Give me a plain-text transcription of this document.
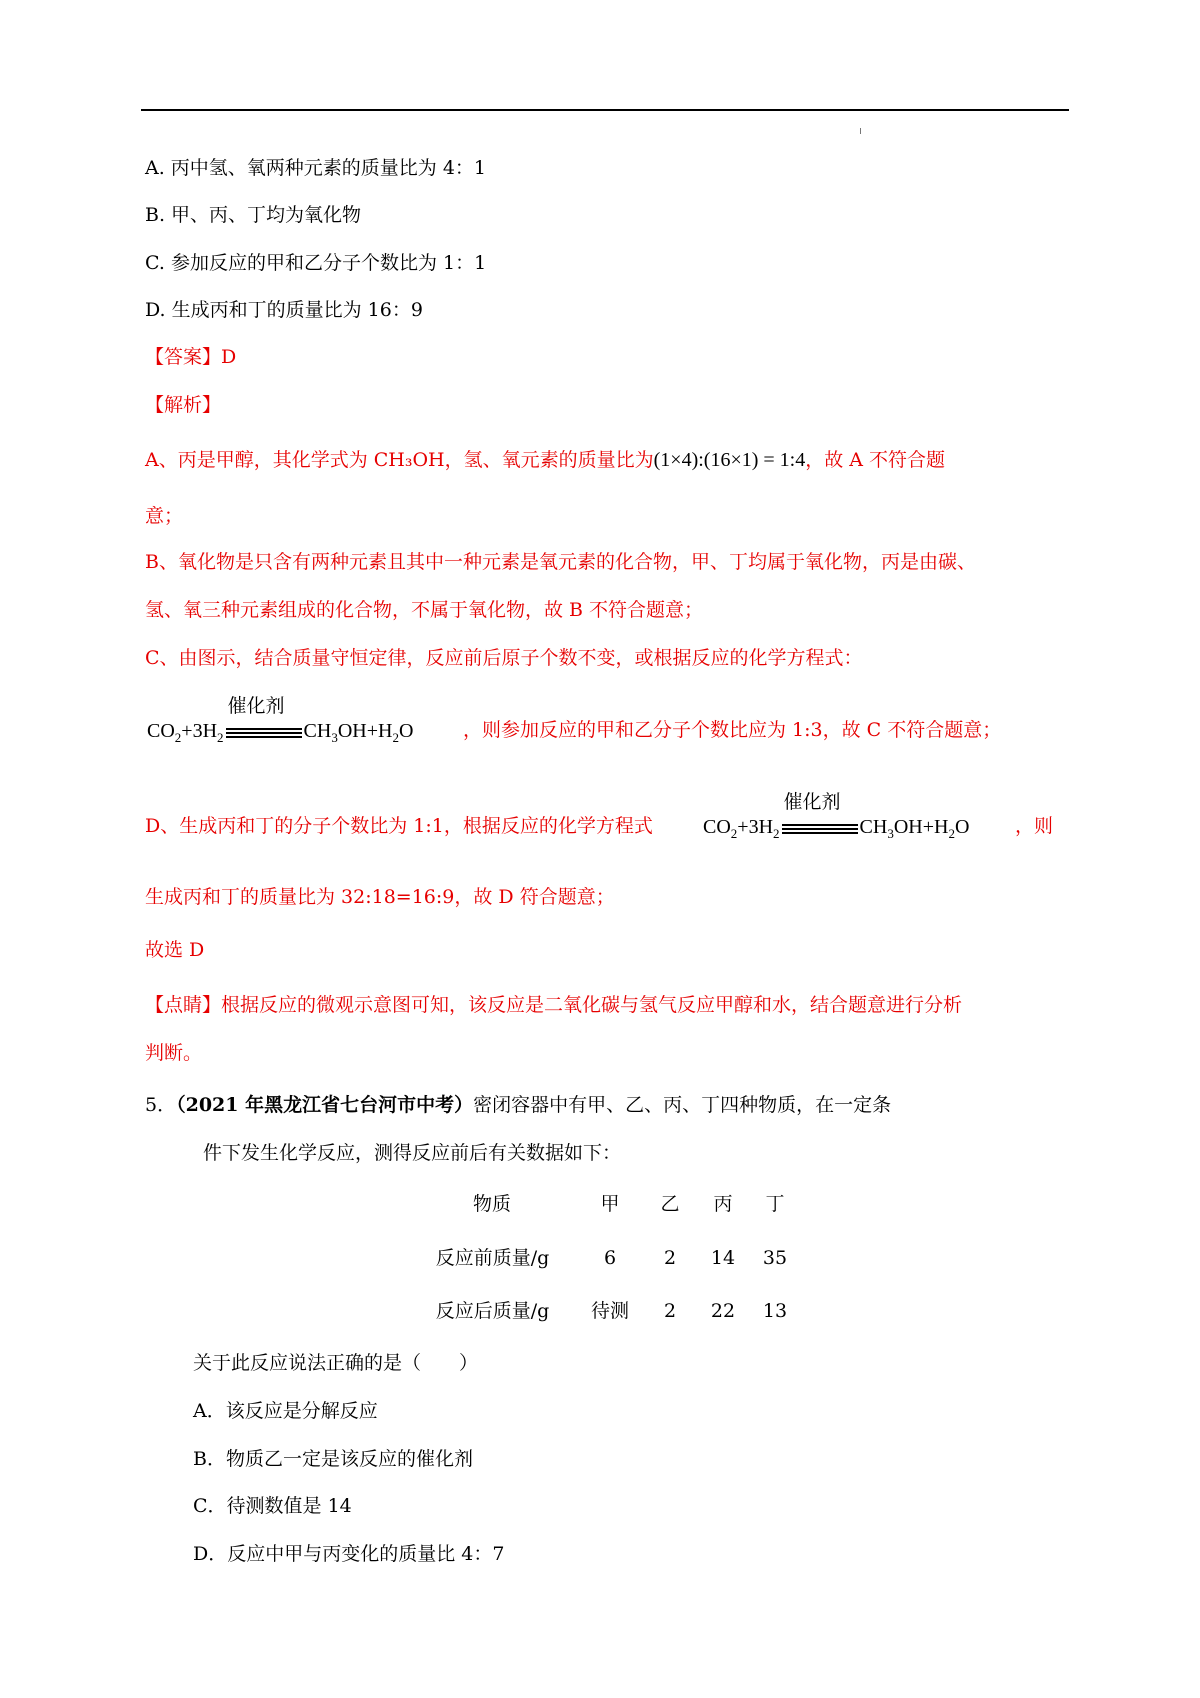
A. 丙中氢、氧两种元素的质量比为 4：1
B. 甲、丙、丁均为氧化物
C. 参加反应的甲和乙分子个数比为 1：1
D. 生成丙和丁的质量比为 16：9
【答案】D
【解析】
A、丙是甲醇，其化学式为 CH₃OH，氢、氧元素的质量比为(1×4):(16×1) = 1:4，故 A 不符合题
意；
B、氧化物是只含有两种元素且其中一种元素是氧元素的化合物，甲、丁均属于氧化物，丙是由碳、
氢、氧三种元素组成的化合物，不属于氧化物，故 B 不符合题意；
C、由图示，结合质量守恒定律，反应前后原子个数不变，或根据反应的化学方程式：
$CO_2+3H_2$
催化剂
$CH_3OH+H_2O$	，则参加反应的甲和乙分子个数比应为 1:3，故 C 不符合题意；
D、生成丙和丁的分子个数比为 1:1，根据反应的化学方程式	$CO_2+3H_2$
催化剂
$CH_3OH+H_2O$ ，则
生成丙和丁的质量比为 32:18=16:9，故 D 符合题意；
故选 D
【点睛】根据反应的微观示意图可知，该反应是二氧化碳与氢气反应甲醇和水，结合题意进行分析
判断。
5．（2021 年黑龙江省七台河市中考）密闭容器中有甲、乙、丙、丁四种物质，在一定条
件下发生化学反应，测得反应前后有关数据如下：
物质	甲	乙	丙	丁
反应前质量/g	6	2	14	35
反应后质量/g	待测	2	22	13
关于此反应说法正确的是（　　）
A．该反应是分解反应
B．物质乙一定是该反应的催化剂
C．待测数值是 14
D．反应中甲与丙变化的质量比 4：7
